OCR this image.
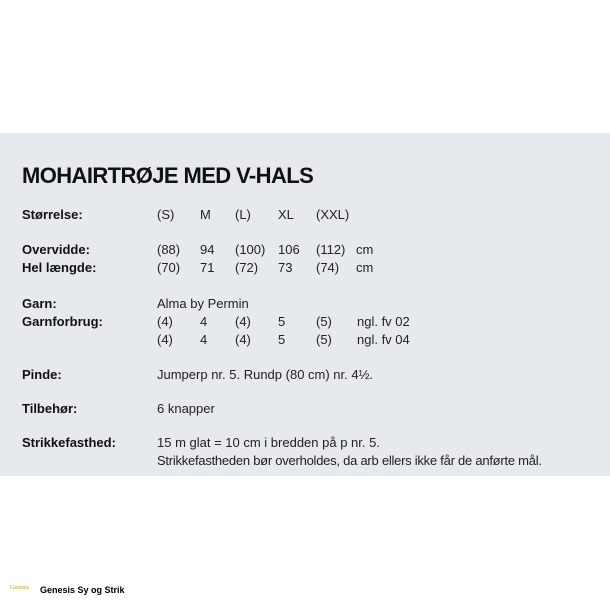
MOHAIRTRØJE MED V-HALS
Størrelse:	(S) M (L) XL (XXL)
Overvidde:	(88) 94 (100) 106 (112) cm
Hel længde:	(70) 71 (72) 73 (74) cm
Garn:	Alma by Permin
Garnforbrug:	(4) 4 (4) 5 (5) ngl. fv 02
(4) 4 (4) 5 (5) ngl. fv 04
Pinde:	Jumperp nr. 5. Rundp (80 cm) nr. 4½.
Tilbehør:	6 knapper
Strikkefasthed:	15 m glat = 10 cm i bredden på p nr. 5.
Strikkefastheden bør overholdes, da arb ellers ikke får de anførte mål.
Genesis Genesis Sy og Strik
